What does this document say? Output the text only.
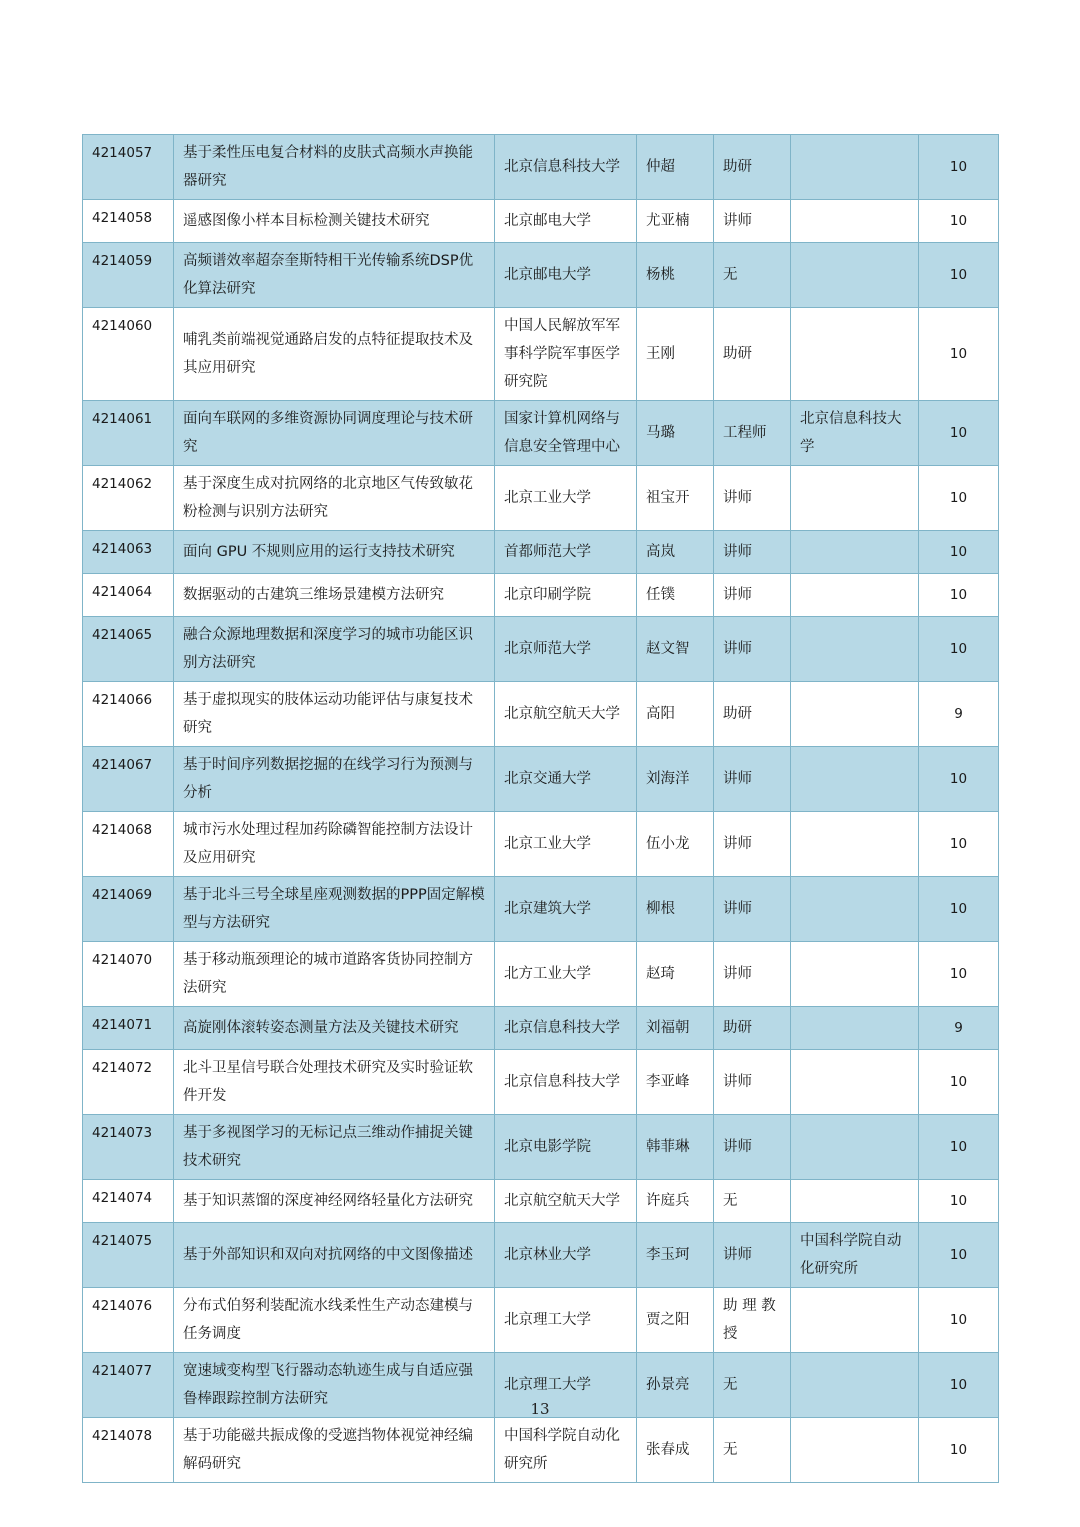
4214057	基于柔性压电复合材料的皮肤式高频水声换能器研究	北京信息科技大学	仲超	助研		10
4214058	遥感图像小样本目标检测关键技术研究	北京邮电大学	尤亚楠	讲师		10
4214059	高频谱效率超奈奎斯特相干光传输系统DSP优化算法研究	北京邮电大学	杨桃	无		10
4214060	哺乳类前端视觉通路启发的点特征提取技术及其应用研究	中国人民解放军军事科学院军事医学研究院	王刚	助研		10
4214061	面向车联网的多维资源协同调度理论与技术研究	国家计算机网络与信息安全管理中心	马璐	工程师	北京信息科技大学	10
4214062	基于深度生成对抗网络的北京地区气传致敏花粉检测与识别方法研究	北京工业大学	祖宝开	讲师		10
4214063	面向 GPU 不规则应用的运行支持技术研究	首都师范大学	高岚	讲师		10
4214064	数据驱动的古建筑三维场景建模方法研究	北京印刷学院	任镤	讲师		10
4214065	融合众源地理数据和深度学习的城市功能区识别方法研究	北京师范大学	赵文智	讲师		10
4214066	基于虚拟现实的肢体运动功能评估与康复技术研究	北京航空航天大学	高阳	助研		9
4214067	基于时间序列数据挖掘的在线学习行为预测与分析	北京交通大学	刘海洋	讲师		10
4214068	城市污水处理过程加药除磷智能控制方法设计及应用研究	北京工业大学	伍小龙	讲师		10
4214069	基于北斗三号全球星座观测数据的PPP固定解模型与方法研究	北京建筑大学	柳根	讲师		10
4214070	基于移动瓶颈理论的城市道路客货协同控制方法研究	北方工业大学	赵琦	讲师		10
4214071	高旋刚体滚转姿态测量方法及关键技术研究	北京信息科技大学	刘福朝	助研		9
4214072	北斗卫星信号联合处理技术研究及实时验证软件开发	北京信息科技大学	李亚峰	讲师		10
4214073	基于多视图学习的无标记点三维动作捕捉关键技术研究	北京电影学院	韩菲琳	讲师		10
4214074	基于知识蒸馏的深度神经网络轻量化方法研究	北京航空航天大学	许庭兵	无		10
4214075	基于外部知识和双向对抗网络的中文图像描述	北京林业大学	李玉珂	讲师	中国科学院自动化研究所	10
4214076	分布式伯努利装配流水线柔性生产动态建模与任务调度	北京理工大学	贾之阳	助 理 教 授		10
4214077	宽速域变构型飞行器动态轨迹生成与自适应强鲁棒跟踪控制方法研究	北京理工大学	孙景亮	无		10
4214078	基于功能磁共振成像的受遮挡物体视觉神经编解码研究	中国科学院自动化研究所	张春成	无		10
13
